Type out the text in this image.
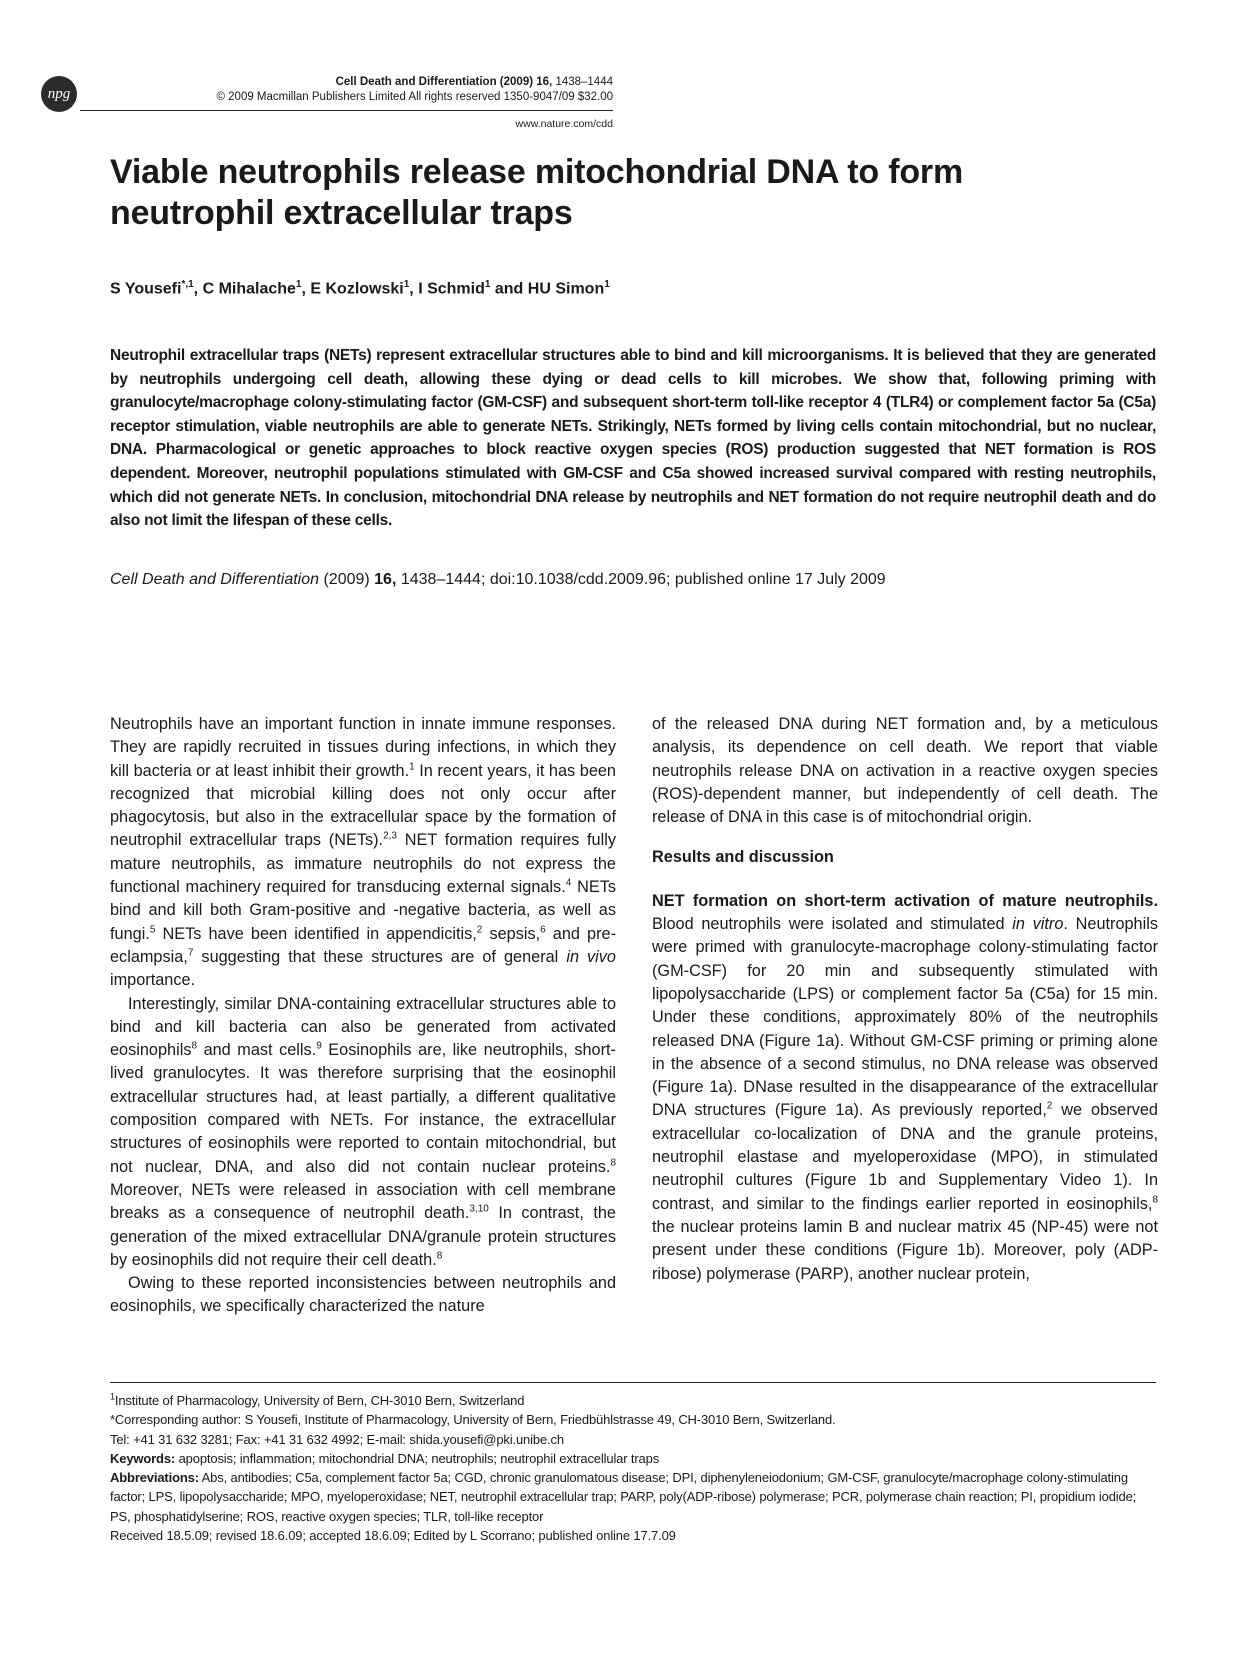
npg
Cell Death and Differentiation (2009) 16, 1438–1444
© 2009 Macmillan Publishers Limited All rights reserved 1350-9047/09 $32.00
www.nature.com/cdd
Viable neutrophils release mitochondrial DNA to form neutrophil extracellular traps
S Yousefi$^{*,1}$, C Mihalache$^1$, E Kozlowski$^1$, I Schmid$^1$ and HU Simon$^1$
Neutrophil extracellular traps (NETs) represent extracellular structures able to bind and kill microorganisms. It is believed that they are generated by neutrophils undergoing cell death, allowing these dying or dead cells to kill microbes. We show that, following priming with granulocyte/macrophage colony-stimulating factor (GM-CSF) and subsequent short-term toll-like receptor 4 (TLR4) or complement factor 5a (C5a) receptor stimulation, viable neutrophils are able to generate NETs. Strikingly, NETs formed by living cells contain mitochondrial, but no nuclear, DNA. Pharmacological or genetic approaches to block reactive oxygen species (ROS) production suggested that NET formation is ROS dependent. Moreover, neutrophil populations stimulated with GM-CSF and C5a showed increased survival compared with resting neutrophils, which did not generate NETs. In conclusion, mitochondrial DNA release by neutrophils and NET formation do not require neutrophil death and do also not limit the lifespan of these cells.
Cell Death and Differentiation (2009) 16, 1438–1444; doi:10.1038/cdd.2009.96; published online 17 July 2009

Neutrophils have an important function in innate immune responses. They are rapidly recruited in tissues during infections, in which they kill bacteria or at least inhibit their growth.$^1$ In recent years, it has been recognized that microbial killing does not only occur after phagocytosis, but also in the extracellular space by the formation of neutrophil extracellular traps (NETs).$^{2,3}$ NET formation requires fully mature neutrophils, as immature neutrophils do not express the functional machinery required for transducing external signals.$^4$ NETs bind and kill both Gram-positive and -negative bacteria, as well as fungi.$^5$ NETs have been identified in appendicitis,$^2$ sepsis,$^6$ and pre-eclampsia,$^7$ suggesting that these structures are of general in vivo importance.

Interestingly, similar DNA-containing extracellular structures able to bind and kill bacteria can also be generated from activated eosinophils$^8$ and mast cells.$^9$ Eosinophils are, like neutrophils, short-lived granulocytes. It was therefore surprising that the eosinophil extracellular structures had, at least partially, a different qualitative composition compared with NETs. For instance, the extracellular structures of eosinophils were reported to contain mitochondrial, but not nuclear, DNA, and also did not contain nuclear proteins.$^8$ Moreover, NETs were released in association with cell membrane breaks as a consequence of neutrophil death.$^{3,10}$ In contrast, the generation of the mixed extracellular DNA/granule protein structures by eosinophils did not require their cell death.$^8$

Owing to these reported inconsistencies between neutrophils and eosinophils, we specifically characterized the nature

of the released DNA during NET formation and, by a meticulous analysis, its dependence on cell death. We report that viable neutrophils release DNA on activation in a reactive oxygen species (ROS)-dependent manner, but independently of cell death. The release of DNA in this case is of mitochondrial origin.

Results and discussion

NET formation on short-term activation of mature neutrophils. Blood neutrophils were isolated and stimulated in vitro. Neutrophils were primed with granulocyte-macrophage colony-stimulating factor (GM-CSF) for 20 min and subsequently stimulated with lipopolysaccharide (LPS) or complement factor 5a (C5a) for 15 min. Under these conditions, approximately 80% of the neutrophils released DNA (Figure 1a). Without GM-CSF priming or priming alone in the absence of a second stimulus, no DNA release was observed (Figure 1a). DNase resulted in the disappearance of the extracellular DNA structures (Figure 1a). As previously reported,$^2$ we observed extracellular co-localization of DNA and the granule proteins, neutrophil elastase and myeloperoxidase (MPO), in stimulated neutrophil cultures (Figure 1b and Supplementary Video 1). In contrast, and similar to the findings earlier reported in eosinophils,$^8$ the nuclear proteins lamin B and nuclear matrix 45 (NP-45) were not present under these conditions (Figure 1b). Moreover, poly (ADP-ribose) polymerase (PARP), another nuclear protein,

$^1$Institute of Pharmacology, University of Bern, CH-3010 Bern, Switzerland

*Corresponding author: S Yousefi, Institute of Pharmacology, University of Bern, Friedbühlstrasse 49, CH-3010 Bern, Switzerland.

Tel: +41 31 632 3281; Fax: +41 31 632 4992; E-mail: shida.yousefi@pki.unibe.ch

Keywords: apoptosis; inflammation; mitochondrial DNA; neutrophils; neutrophil extracellular traps

Abbreviations: Abs, antibodies; C5a, complement factor 5a; CGD, chronic granulomatous disease; DPI, diphenyleneiodonium; GM-CSF, granulocyte/macrophage colony-stimulating factor; LPS, lipopolysaccharide; MPO, myeloperoxidase; NET, neutrophil extracellular trap; PARP, poly(ADP-ribose) polymerase; PCR, polymerase chain reaction; PI, propidium iodide; PS, phosphatidylserine; ROS, reactive oxygen species; TLR, toll-like receptor

Received 18.5.09; revised 18.6.09; accepted 18.6.09; Edited by L Scorrano; published online 17.7.09
